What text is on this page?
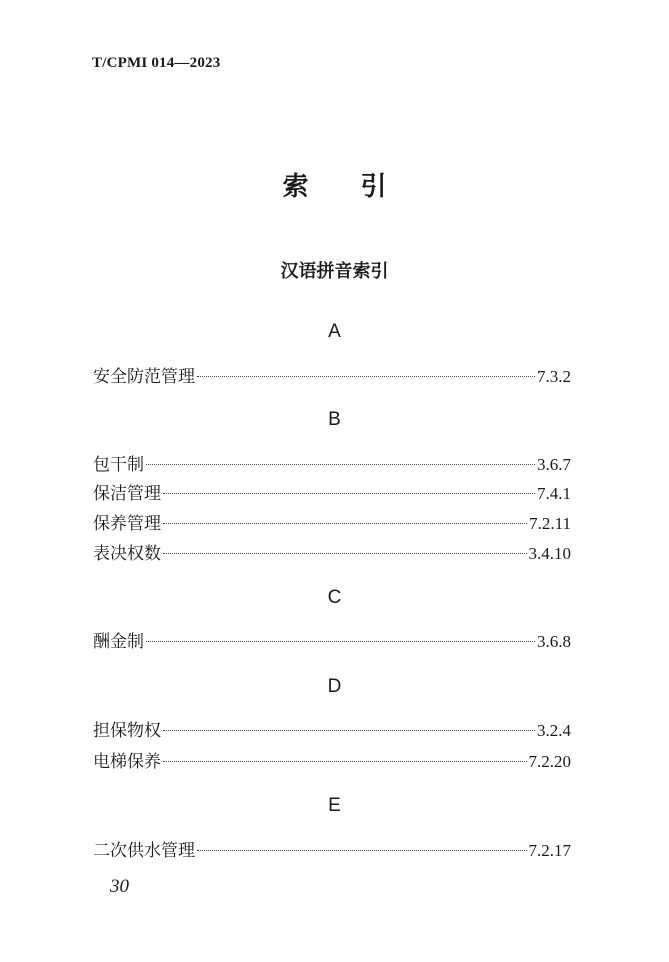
T/CPMI 014—2023
索 引
汉语拼音索引
A
安全防范管理	7.3.2
B
包干制	3.6.7
保洁管理	7.4.1
保养管理	7.2.11
表决权数	3.4.10
C
酬金制	3.6.8
D
担保物权	3.2.4
电梯保养	7.2.20
E
二次供水管理	7.2.17
30
